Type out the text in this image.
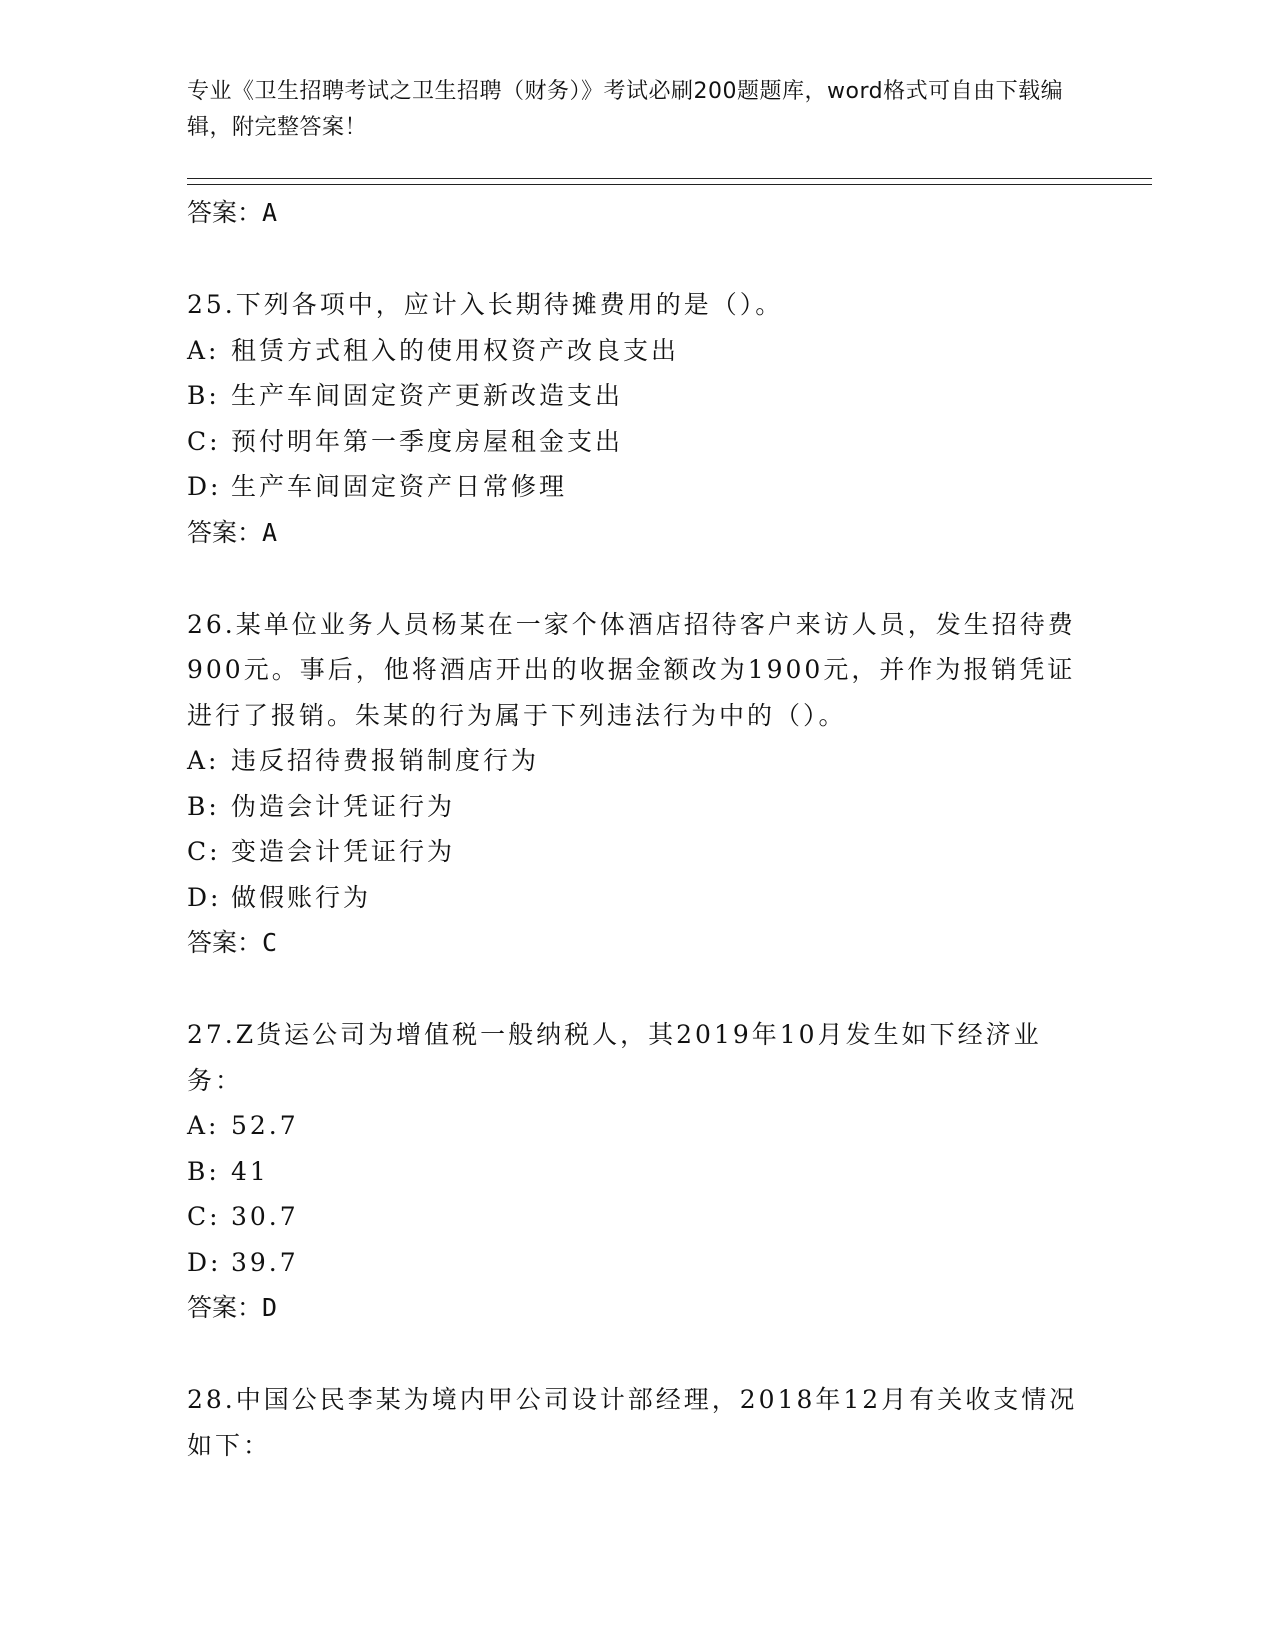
专业《卫生招聘考试之卫生招聘（财务）》考试必刷200题题库，word格式可自由下载编辑，附完整答案！

答案：A

25.下列各项中，应计入长期待摊费用的是（）。

A: 租赁方式租入的使用权资产改良支出

B: 生产车间固定资产更新改造支出

C: 预付明年第一季度房屋租金支出

D: 生产车间固定资产日常修理

答案：A

26.某单位业务人员杨某在一家个体酒店招待客户来访人员，发生招待费900元。事后，他将酒店开出的收据金额改为1900元，并作为报销凭证进行了报销。朱某的行为属于下列违法行为中的（）。

A: 违反招待费报销制度行为

B: 伪造会计凭证行为

C: 变造会计凭证行为

D: 做假账行为

答案：C

27.Z货运公司为增值税一般纳税人，其2019年10月发生如下经济业务：

A: 52.7

B: 41

C: 30.7

D: 39.7

答案：D

28.中国公民李某为境内甲公司设计部经理，2018年12月有关收支情况如下：
